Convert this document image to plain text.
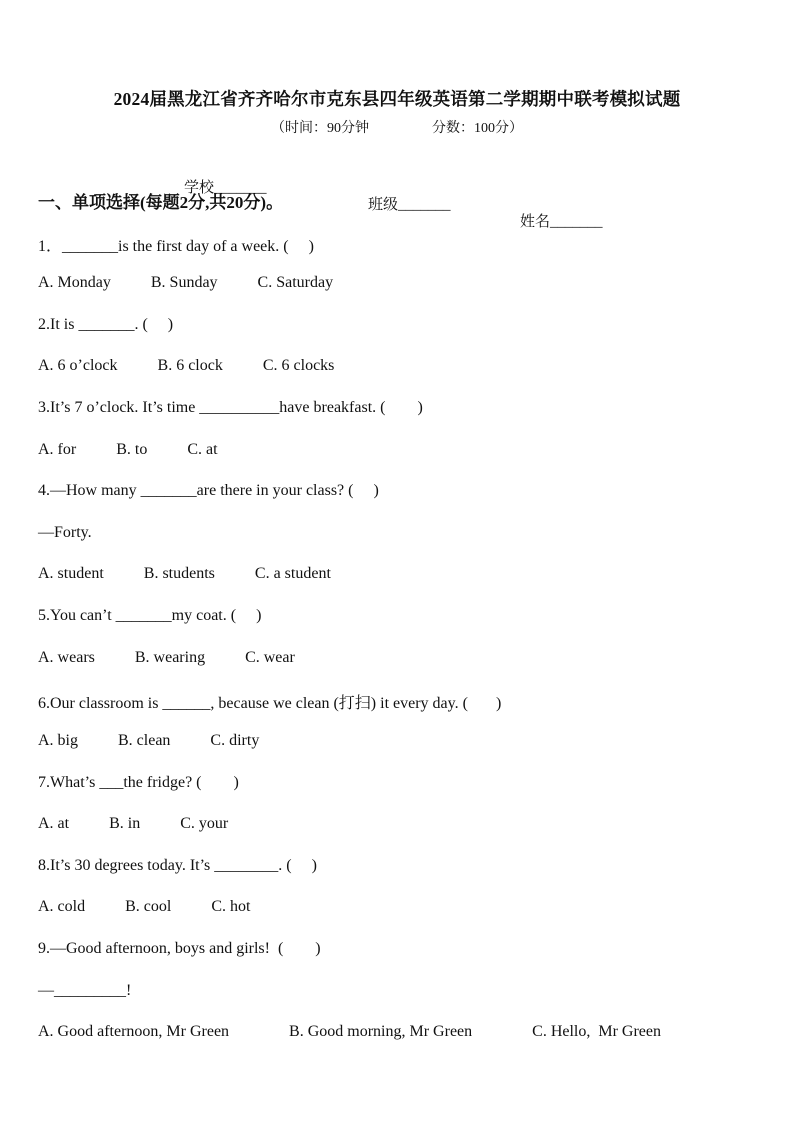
2024届黑龙江省齐齐哈尔市克东县四年级英语第二学期期中联考模拟试题
（时间：90分钟                  分数：100分）

学校_______

班级_______

姓名_______

一、单项选择(每题2分,共20分)。
1．_______is the first day of a week. (     )
A. Monday          B. Sunday          C. Saturday
2.It is _______. (     )
A. 6 o’clock          B. 6 clock          C. 6 clocks
3.It’s 7 o’clock. It’s time __________have breakfast. (        )
A. for          B. to          C. at
4.—How many _______are there in your class? (     )
—Forty.
A. student          B. students          C. a student
5.You can’t _______my coat. (     )
A. wears          B. wearing          C. wear
6.Our classroom is ______, because we clean (打扫) it every day. (       )
A. big          B. clean          C. dirty
7.What’s ___the fridge? (        )
A. at          B. in          C. your
8.It’s 30 degrees today. It’s ________. (     )
A. cold          B. cool          C. hot
9.—Good afternoon, boys and girls!  (        )
—_________!
A. Good afternoon, Mr Green               B. Good morning, Mr Green               C. Hello,  Mr Green
